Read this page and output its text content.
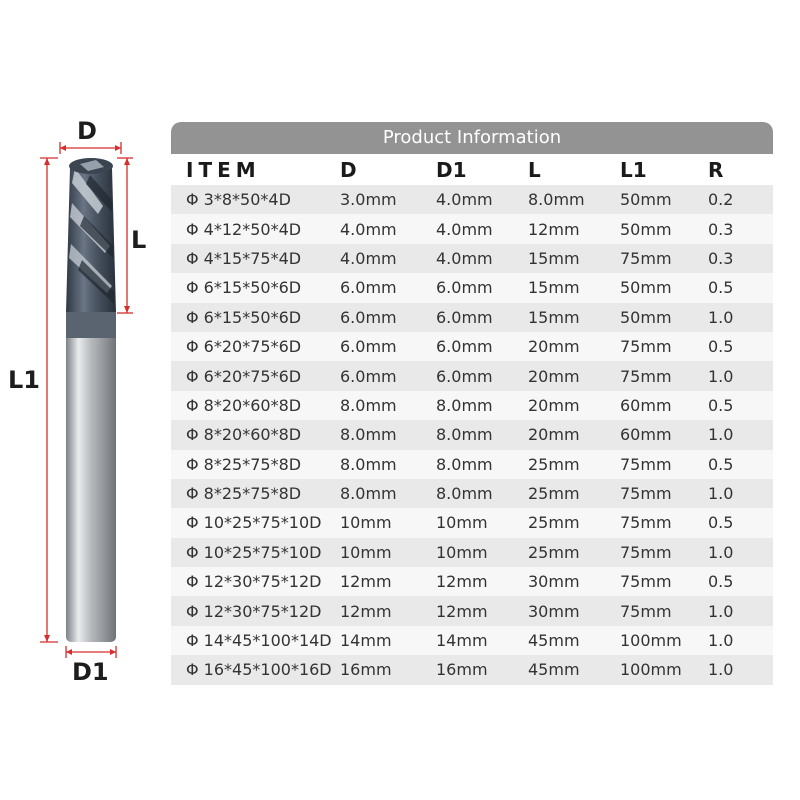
D
L
L1
D1
Product Information
ITEM	D	D1	L	L1	R
Φ 3*8*50*4D	3.0mm	4.0mm	8.0mm	50mm	0.2
Φ 4*12*50*4D	4.0mm	4.0mm	12mm	50mm	0.3
Φ 4*15*75*4D	4.0mm	4.0mm	15mm	75mm	0.3
Φ 6*15*50*6D	6.0mm	6.0mm	15mm	50mm	0.5
Φ 6*15*50*6D	6.0mm	6.0mm	15mm	50mm	1.0
Φ 6*20*75*6D	6.0mm	6.0mm	20mm	75mm	0.5
Φ 6*20*75*6D	6.0mm	6.0mm	20mm	75mm	1.0
Φ 8*20*60*8D	8.0mm	8.0mm	20mm	60mm	0.5
Φ 8*20*60*8D	8.0mm	8.0mm	20mm	60mm	1.0
Φ 8*25*75*8D	8.0mm	8.0mm	25mm	75mm	0.5
Φ 8*25*75*8D	8.0mm	8.0mm	25mm	75mm	1.0
Φ 10*25*75*10D	10mm	10mm	25mm	75mm	0.5
Φ 10*25*75*10D	10mm	10mm	25mm	75mm	1.0
Φ 12*30*75*12D	12mm	12mm	30mm	75mm	0.5
Φ 12*30*75*12D	12mm	12mm	30mm	75mm	1.0
Φ 14*45*100*14D 14mm	14mm	45mm	100mm	1.0
Φ 16*45*100*16D 16mm	16mm	45mm	100mm	1.0
